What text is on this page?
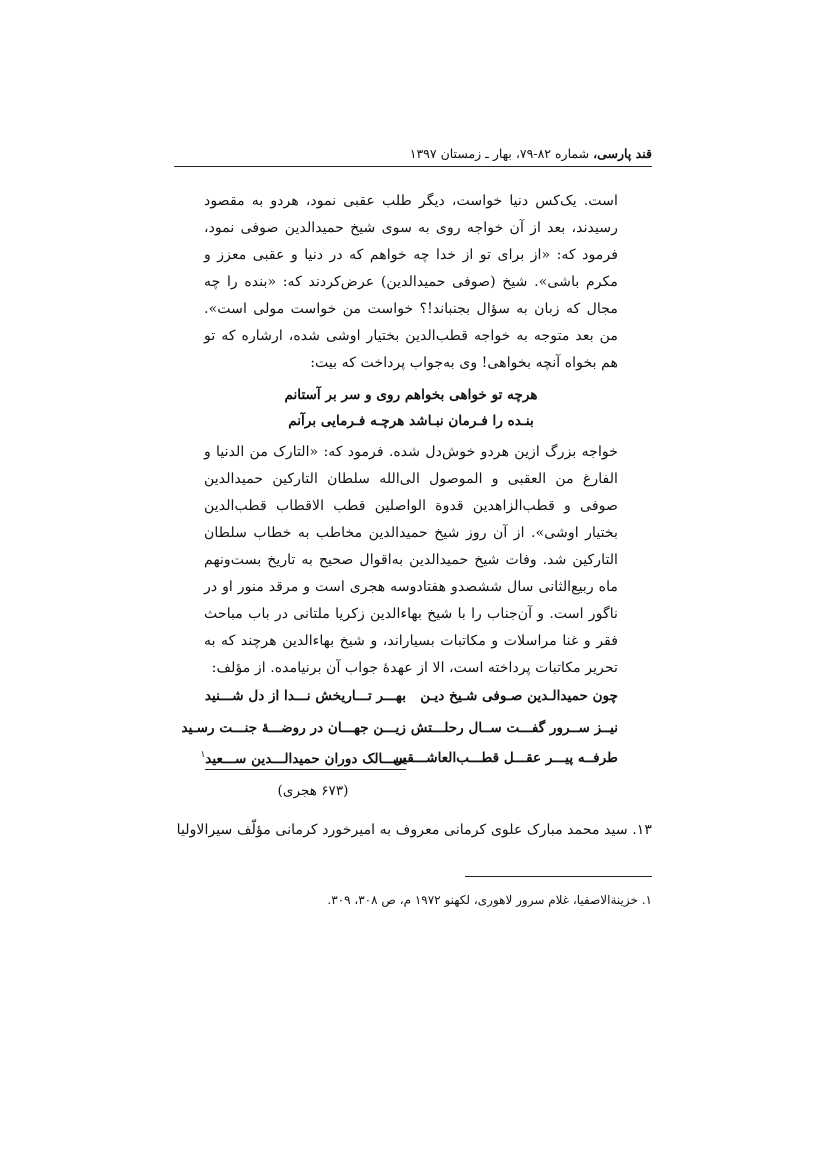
قند پارسی، شماره ۸۲-۷۹، بهار ـ زمستان ۱۳۹۷
است. یک‌کس دنیا خواست، دیگر طلب عقبی نمود، هردو به مقصود رسیدند، بعد از آن خواجه روی به سوی شیخ حمیدالدین صوفی نمود، فرمود که: «از برای تو از خدا چه خواهم که در دنیا و عقبی معزز و مکرم باشی». شیخ (صوفی حمیدالدین) عرض‌کردند که: «بنده را چه مجال که زبان به سؤال بجنباند!؟ خواست من خواست مولی است». من بعد متوجه به خواجه قطب‌الدین بختیار اوشی شده، ارشاره که تو هم بخواه آنچه بخواهی! وی به‌جواب پرداخت که بیت:
هرچه تو خواهی بخواهم روی و سر بر آستانم
بنـده را فـرمان نبـاشد هرچـه فـرمایی برآنم
خواجه بزرگ ازین هردو خوش‌دل شده. فرمود که: «التارک من الدنیا و الفارغ من العقبی و الموصول الی‌الله سلطان التارکین حمیدالدین صوفی و قطب‌الزاهدین قدوة الواصلین قطب الاقطاب قطب‌الدین بختیار اوشی». از آن روز شیخ حمیدالدین مخاطب به خطاب سلطان التارکین شد. وفات شیخ حمیدالدین به‌اقوال صحیح به تاریخ بست‌ونهم ماه ربیع‌الثانی سال ششصدو هفتادوسه هجری است و مرقد منور او در ناگور است. و آن‌جناب را با شیخ بهاءالدین زکریا ملتانی در باب مباحث فقر و غنا مراسلات و مکاتبات بسیاراند، و شیخ بهاءالدین هرچند که به تحریر مکاتبات پرداخته است، الا از عهدهٔ جواب آن برنیامده. از مؤلف:
چون حمیدالـدین صـوفی شـیخ دیـن
بهـــر تـــاریخش نـــدا از دل شـــنید
نیــز ســرور گفـــت ســال رحلـــتش
زیـــن جهـــان در روضـــهٔ جنـــت رسـید
طرفــه پیـــر عقـــل قطـــب‌العاشـــقین
ســـالک دوران حمیدالـــدین ســـعید$^۱$
(۶۷۳ هجری)
۱۳. سید محمد مبارک علوی کرمانی معروف به امیرخورد کرمانی مؤلّف سیرالاولیا
۱. خزینةالاصفیا، غلام سرور لاهوری، لکهنو ۱۹۷۲ م، ص ۳۰۸، ۳۰۹.
